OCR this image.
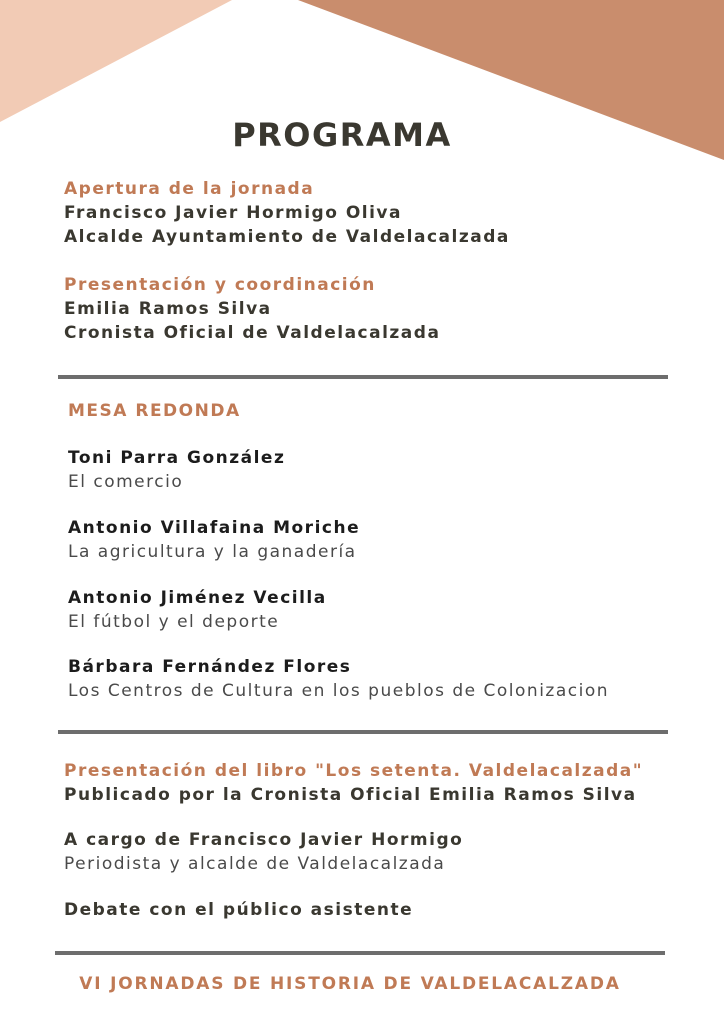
PROGRAMA
Apertura de la jornada
Francisco Javier Hormigo Oliva
Alcalde Ayuntamiento de Valdelacalzada
Presentación y coordinación
Emilia Ramos Silva
Cronista Oficial de Valdelacalzada
MESA REDONDA
Toni Parra González
El comercio
Antonio Villafaina Moriche
La agricultura y la ganadería
Antonio Jiménez Vecilla
El fútbol y el deporte
Bárbara Fernández Flores
Los Centros de Cultura en los pueblos de Colonizacion
Presentación del libro "Los setenta. Valdelacalzada"
Publicado por la Cronista Oficial Emilia Ramos Silva
A cargo de Francisco Javier Hormigo
Periodista y alcalde de Valdelacalzada
Debate con el público asistente
VI JORNADAS DE HISTORIA DE VALDELACALZADA
